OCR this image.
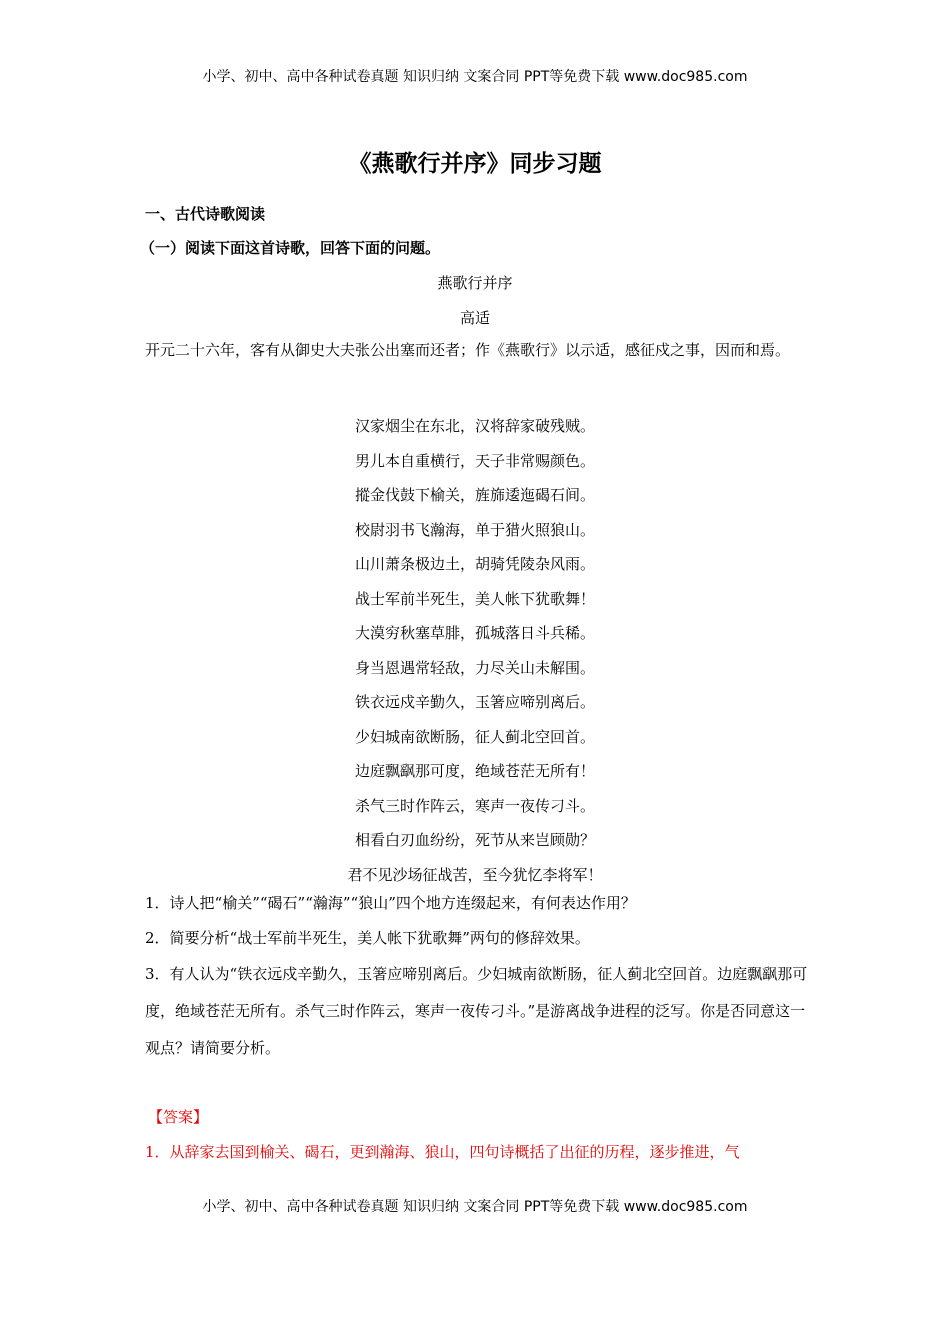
小学、初中、高中各种试卷真题 知识归纳 文案合同 PPT等免费下载 www.doc985.com
《燕歌行并序》同步习题
一、古代诗歌阅读
（一）阅读下面这首诗歌，回答下面的问题。
燕歌行并序
高适
开元二十六年，客有从御史大夫张公出塞而还者；作《燕歌行》以示适，感征戍之事，因而和焉。
汉家烟尘在东北，汉将辞家破残贼。
男儿本自重横行，天子非常赐颜色。
摐金伐鼓下榆关，旌旆逶迤碣石间。
校尉羽书飞瀚海，单于猎火照狼山。
山川萧条极边土，胡骑凭陵杂风雨。
战士军前半死生，美人帐下犹歌舞！
大漠穷秋塞草腓，孤城落日斗兵稀。
身当恩遇常轻敌，力尽关山未解围。
铁衣远戍辛勤久，玉箸应啼别离后。
少妇城南欲断肠，征人蓟北空回首。
边庭飘飖那可度，绝域苍茫无所有！
杀气三时作阵云，寒声一夜传刁斗。
相看白刃血纷纷，死节从来岂顾勋？
君不见沙场征战苦，至今犹忆李将军！
1．诗人把“榆关”“碣石”“瀚海”“狼山”四个地方连缀起来，有何表达作用？
2．简要分析“战士军前半死生，美人帐下犹歌舞”两句的修辞效果。
3．有人认为“铁衣远戍辛勤久，玉箸应啼别离后。少妇城南欲断肠，征人蓟北空回首。边庭飘飖那可度，绝域苍茫无所有。杀气三时作阵云，寒声一夜传刁斗。”是游离战争进程的泛写。你是否同意这一观点？请简要分析。
【答案】
1．从辞家去国到榆关、碣石，更到瀚海、狼山，四句诗概括了出征的历程，逐步推进，气
小学、初中、高中各种试卷真题 知识归纳 文案合同 PPT等免费下载 www.doc985.com
